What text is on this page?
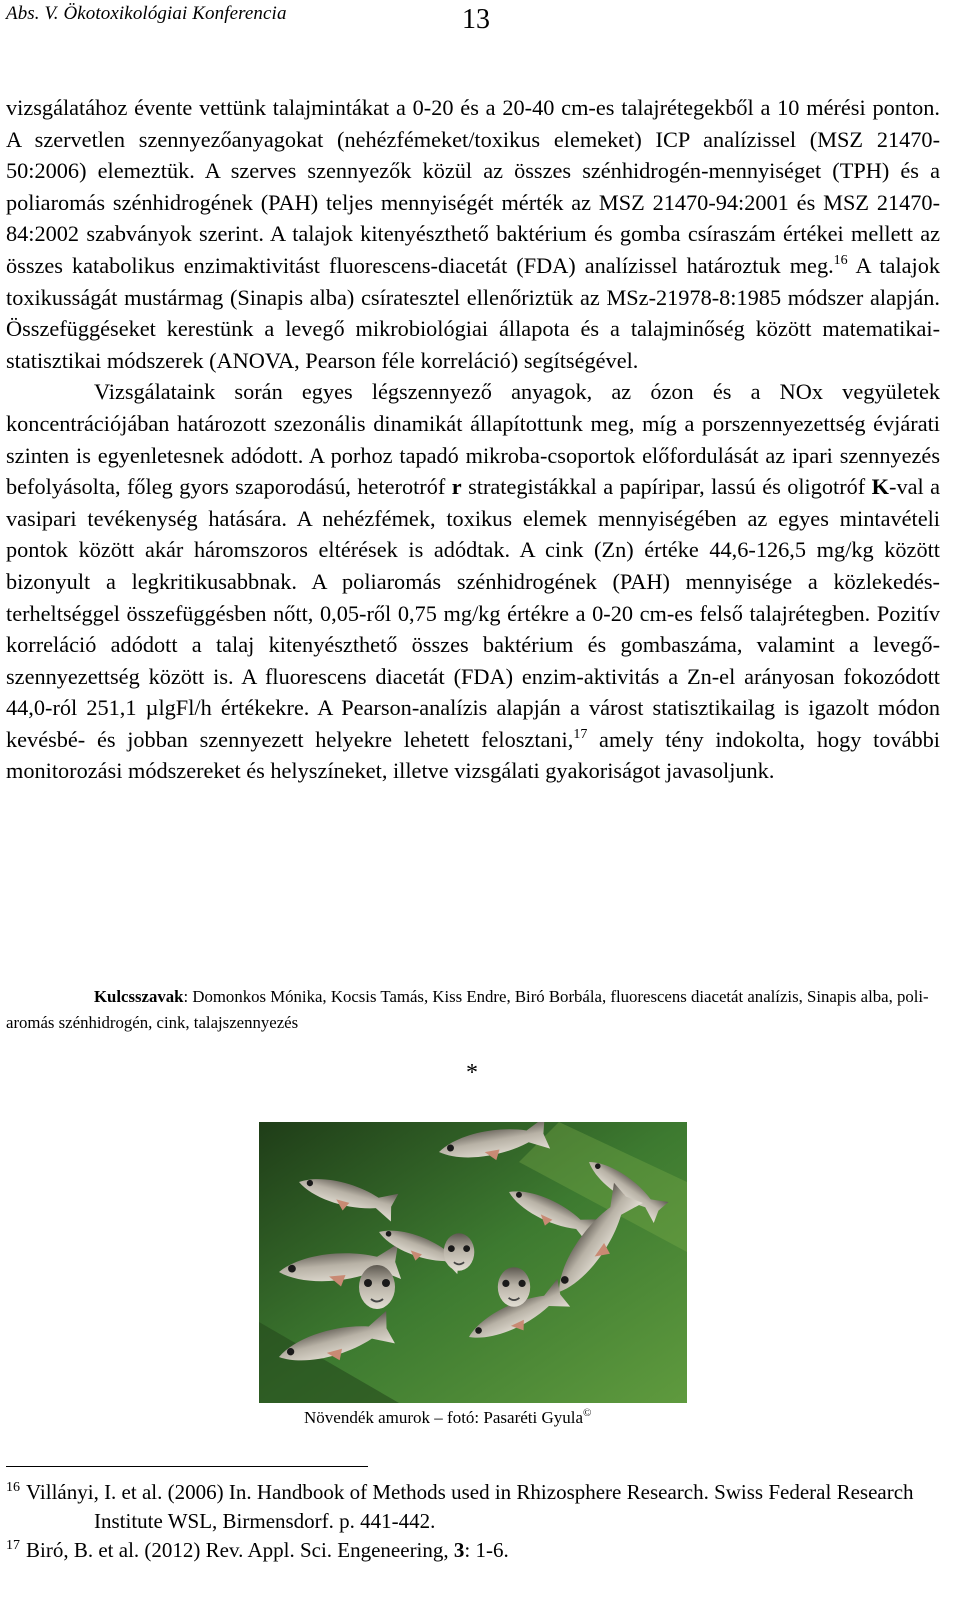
Abs. V. Ökotoxikológiai Konferencia	13

vizsgálatához évente vettünk talajmintákat a 0-20 és a 20-40 cm-es talajrétegekből a 10 mérési ponton. A szervetlen szennyezőanyagokat (nehézfémeket/toxikus elemeket) ICP analízissel (MSZ 21470-50:2006) elemeztük. A szerves szennyezők közül az összes szénhidrogén-mennyiséget (TPH) és a poliaromás szénhidrogének (PAH) teljes mennyiségét mérték az MSZ 21470-94:2001 és MSZ 21470-84:2002 szabványok szerint. A talajok kitenyészthető baktérium és gomba csíraszám értékei mellett az összes katabolikus enzimaktivitást fluorescens-diacetát (FDA) analízissel határoztuk meg.$^{16}$ A talajok toxikusságát mustármag (Sinapis alba) csíratesztel ellenőriztük az MSz-21978-8:1985 módszer alapján. Összefüggéseket kerestünk a levegő mikrobiológiai állapota és a talajminőség között matematikai-statisztikai módszerek (ANOVA, Pearson féle korreláció) segítségével.

Vizsgálataink során egyes légszennyező anyagok, az ózon és a NOx vegyületek koncentrációjában határozott szezonális dinamikát állapítottunk meg, míg a porszennyezettség évjárati szinten is egyenletesnek adódott. A porhoz tapadó mikroba-csoportok előfordulását az ipari szennyezés befolyásolta, főleg gyors szaporodású, heterotróf r strategistákkal a papíripar, lassú és oligotróf K-val a vasipari tevékenység hatására. A nehézfémek, toxikus elemek mennyiségében az egyes mintavételi pontok között akár háromszoros eltérések is adódtak. A cink (Zn) értéke 44,6-126,5 mg/kg között bizonyult a legkritikusabbnak. A poliaromás szénhidrogének (PAH) mennyisége a közlekedés-terheltséggel összefüggésben nőtt, 0,05-ről 0,75 mg/kg értékre a 0-20 cm-es felső talajrétegben. Pozitív korreláció adódott a talaj kitenyészthető összes baktérium és gombaszáma, valamint a levegő-szennyezettség között is. A fluorescens diacetát (FDA) enzim-aktivitás a Zn-el arányosan fokozódott 44,0-ról 251,1 µlgFl/h értékekre. A Pearson-analízis alapján a várost statisztikailag is igazolt módon kevésbé- és jobban szennyezett helyekre lehetett felosztani,$^{17}$ amely tény indokolta, hogy további monitorozási módszereket és helyszíneket, illetve vizsgálati gyakoriságot javasoljunk.

Kulcsszavak: Domonkos Mónika, Kocsis Tamás, Kiss Endre, Biró Borbála, fluorescens diacetát analízis, Sinapis alba, poli-aromás szénhidrogén, cink, talajszennyezés

*
Növendék amurok – fotó: Pasaréti Gyula©

16 Villányi, I. et al. (2006) In. Handbook of Methods used in Rhizosphere Research. Swiss Federal Research Institute WSL, Birmensdorf. p. 441-442.

17 Biró, B. et al. (2012) Rev. Appl. Sci. Engeneering, 3: 1-6.
